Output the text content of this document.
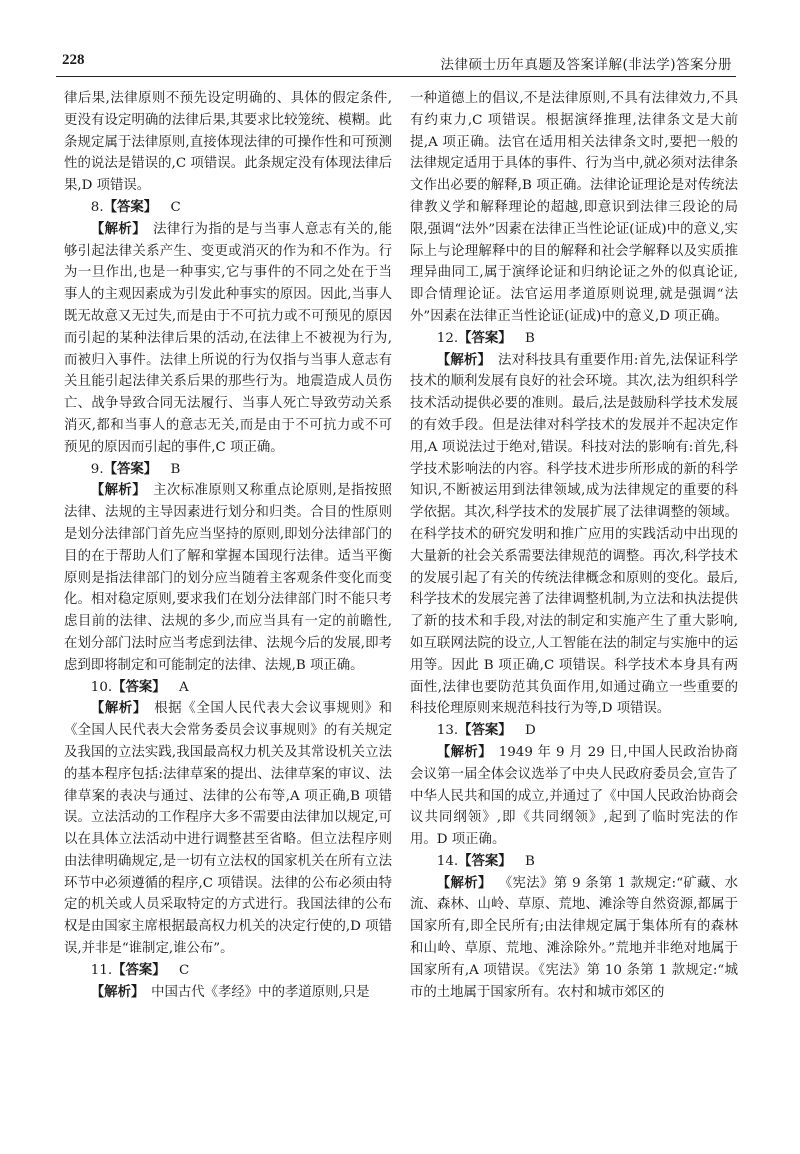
228	法律硕士历年真题及答案详解(非法学)答案分册

律后果,法律原则不预先设定明确的、具体的假定条件,更没有设定明确的法律后果,其要求比较笼统、模糊。此条规定属于法律原则,直接体现法律的可操作性和可预测性的说法是错误的,C 项错误。此条规定没有体现法律后果,D 项错误。

8.【答案】  C

【解析】  法律行为指的是与当事人意志有关的,能够引起法律关系产生、变更或消灭的作为和不作为。行为一旦作出,也是一种事实,它与事件的不同之处在于当事人的主观因素成为引发此种事实的原因。因此,当事人既无故意又无过失,而是由于不可抗力或不可预见的原因而引起的某种法律后果的活动,在法律上不被视为行为,而被归入事件。法律上所说的行为仅指与当事人意志有关且能引起法律关系后果的那些行为。地震造成人员伤亡、战争导致合同无法履行、当事人死亡导致劳动关系消灭,都和当事人的意志无关,而是由于不可抗力或不可预见的原因而引起的事件,C 项正确。

9.【答案】  B

【解析】  主次标准原则又称重点论原则,是指按照法律、法规的主导因素进行划分和归类。合目的性原则是划分法律部门首先应当坚持的原则,即划分法律部门的目的在于帮助人们了解和掌握本国现行法律。适当平衡原则是指法律部门的划分应当随着主客观条件变化而变化。相对稳定原则,要求我们在划分法律部门时不能只考虑目前的法律、法规的多少,而应当具有一定的前瞻性,在划分部门法时应当考虑到法律、法规今后的发展,即考虑到即将制定和可能制定的法律、法规,B 项正确。

10.【答案】  A

【解析】  根据《全国人民代表大会议事规则》和《全国人民代表大会常务委员会议事规则》的有关规定及我国的立法实践,我国最高权力机关及其常设机关立法的基本程序包括:法律草案的提出、法律草案的审议、法律草案的表决与通过、法律的公布等,A 项正确,B 项错误。立法活动的工作程序大多不需要由法律加以规定,可以在具体立法活动中进行调整甚至省略。但立法程序则由法律明确规定,是一切有立法权的国家机关在所有立法环节中必须遵循的程序,C 项错误。法律的公布必须由特定的机关或人员采取特定的方式进行。我国法律的公布权是由国家主席根据最高权力机关的决定行使的,D 项错误,并非是“谁制定,谁公布”。

11.【答案】  C

【解析】  中国古代《孝经》中的孝道原则,只是

一种道德上的倡议,不是法律原则,不具有法律效力,不具有约束力,C 项错误。根据演绎推理,法律条文是大前提,A 项正确。法官在适用相关法律条文时,要把一般的法律规定适用于具体的事件、行为当中,就必须对法律条文作出必要的解释,B 项正确。法律论证理论是对传统法律教义学和解释理论的超越,即意识到法律三段论的局限,强调“法外”因素在法律正当性论证(证成)中的意义,实际上与论理解释中的目的解释和社会学解释以及实质推理异曲同工,属于演绎论证和归纳论证之外的似真论证,即合情理论证。法官运用孝道原则说理,就是强调“法外”因素在法律正当性论证(证成)中的意义,D 项正确。

12.【答案】  B

【解析】  法对科技具有重要作用:首先,法保证科学技术的顺利发展有良好的社会环境。其次,法为组织科学技术活动提供必要的准则。最后,法是鼓励科学技术发展的有效手段。但是法律对科学技术的发展并不起决定作用,A 项说法过于绝对,错误。科技对法的影响有:首先,科学技术影响法的内容。科学技术进步所形成的新的科学知识,不断被运用到法律领域,成为法律规定的重要的科学依据。其次,科学技术的发展扩展了法律调整的领域。在科学技术的研究发明和推广应用的实践活动中出现的大量新的社会关系需要法律规范的调整。再次,科学技术的发展引起了有关的传统法律概念和原则的变化。最后,科学技术的发展完善了法律调整机制,为立法和执法提供了新的技术和手段,对法的制定和实施产生了重大影响,如互联网法院的设立,人工智能在法的制定与实施中的运用等。因此 B 项正确,C 项错误。科学技术本身具有两面性,法律也要防范其负面作用,如通过确立一些重要的科技伦理原则来规范科技行为等,D 项错误。

13.【答案】  D

【解析】  1949 年 9 月 29 日,中国人民政治协商会议第一届全体会议选举了中央人民政府委员会,宣告了中华人民共和国的成立,并通过了《中国人民政治协商会议共同纲领》,即《共同纲领》,起到了临时宪法的作用。D 项正确。

14.【答案】  B

【解析】  《宪法》第 9 条第 1 款规定:“矿藏、水流、森林、山岭、草原、荒地、滩涂等自然资源,都属于国家所有,即全民所有;由法律规定属于集体所有的森林和山岭、草原、荒地、滩涂除外。”荒地并非绝对地属于国家所有,A 项错误。《宪法》第 10 条第 1 款规定:“城市的土地属于国家所有。农村和城市郊区的
